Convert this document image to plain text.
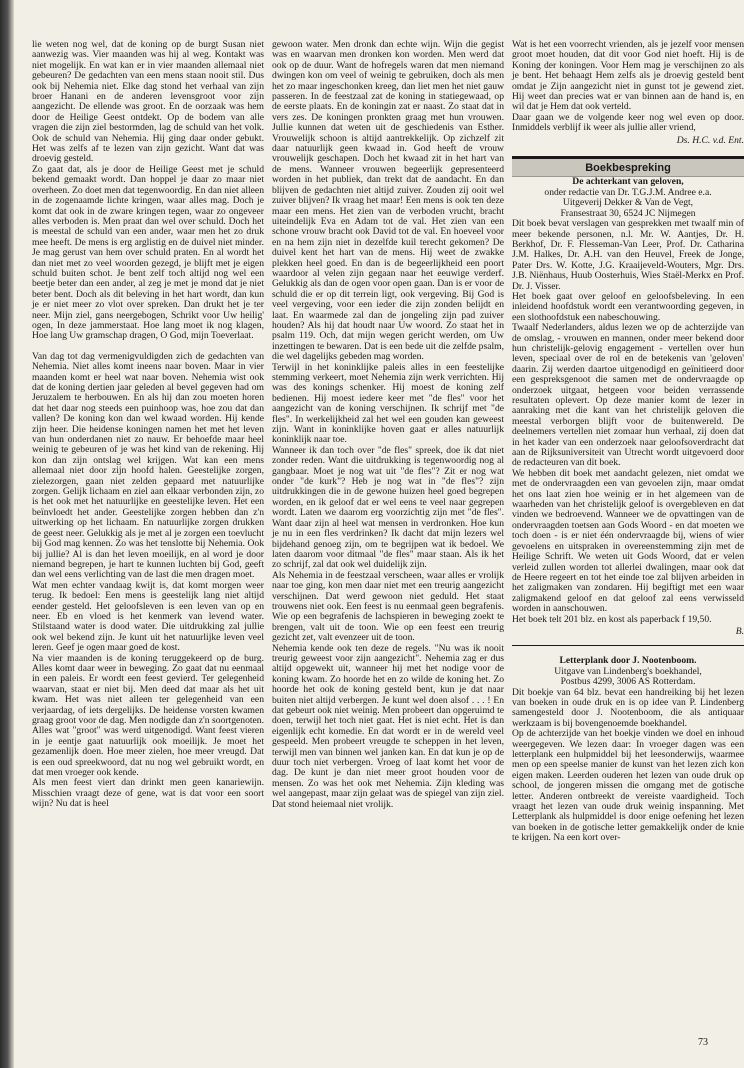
lie weten nog wel, dat de koning op de burgt Susan niet aanwezig was. Vier maanden was hij al weg. Kontakt was niet mogelijk. En wat kan er in vier maanden allemaal niet gebeuren? De gedachten van een mens staan nooit stil. Dus ook bij Nehemia niet. Elke dag stond het verhaal van zijn broer Hanani en de anderen levensgroot voor zijn aangezicht. De ellende was groot. En de oorzaak was hem door de Heilige Geest ontdekt. Op de bodem van alle vragen die zijn ziel bestormden, lag de schuld van het volk. Ook de schuld van Nehemia. Hij ging daar onder gebukt. Het was zelfs af te lezen van zijn gezicht. Want dat was droevig gesteld.

Zo gaat dat, als je door de Heilige Geest met je schuld bekend gemaakt wordt. Dan hoppel je daar zo maar niet overheen. Zo doet men dat tegenwoordig. En dan niet alleen in de zogenaamde lichte kringen, waar alles mag. Doch je komt dat ook in de zware kringen tegen, waar zo ongeveer alles verboden is. Men praat dan wel over schuld. Doch het is meestal de schuld van een ander, waar men het zo druk mee heeft. De mens is erg arglistig en de duivel niet minder. Je mag gerust van hem over schuld praten. En al wordt het dan niet met zo veel woorden gezegd, je blijft met je eigen schuld buiten schot. Je bent zelf toch altijd nog wel een beetje beter dan een ander, al zeg je met je mond dat je niet beter bent. Doch als dit beleving in het hart wordt, dan kun je er niet meer zo vlot over spreken. Dan drukt het je ter neer. Mijn ziel, gans neergebogen, Schrikt voor Uw heilig' ogen, In deze jammerstaat. Hoe lang moet ik nog klagen, Hoe lang Uw gramschap dragen, O God, mijn Toeverlaat.

Van dag tot dag vermenigvuldigden zich de gedachten van Nehemia. Niet alles komt ineens naar boven. Maar in vier maanden komt er heel wat naar boven. Nehemia wist ook dat de koning dertien jaar geleden al bevel gegeven had om Jeruzalem te herbouwen. En als hij dan zou moeten horen dat het daar nog steeds een puinhoop was, hoe zou dat dan vallen? De koning kon dan wel kwaad worden. Hij kende zijn heer. Die heidense koningen namen het met het leven van hun onderdanen niet zo nauw. Er behoefde maar heel weinig te gebeuren of je was het kind van de rekening. Hij kon dan zijn ontslag wel krijgen. Wat kan een mens allemaal niet door zijn hoofd halen. Geestelijke zorgen, zielezorgen, gaan niet zelden gepaard met natuurlijke zorgen. Gelijk lichaam en ziel aan elkaar verbonden zijn, zo is het ook met het natuurlijke en geestelijke leven. Het een beïnvloedt het ander. Geestelijke zorgen hebben dan z'n uitwerking op het lichaam. En natuurlijke zorgen drukken de geest neer. Gelukkig als je met al je zorgen een toevlucht bij God mag kennen. Zo was het tenslotte bij Nehemia. Ook bij jullie? Al is dan het leven moeilijk, en al word je door niemand begrepen, je hart te kunnen luchten bij God, geeft dan wel eens verlichting van de last die men dragen moet.

Wat men echter vandaag kwijt is, dat komt morgen weer terug. Ik bedoel: Een mens is geestelijk lang niet altijd eender gesteld. Het geloofsleven is een leven van op en neer. Eb en vloed is het kenmerk van levend water. Stilstaand water is dood water. Die uitdrukking zal jullie ook wel bekend zijn. Je kunt uit het natuurlijke leven veel leren. Geef je ogen maar goed de kost.

Na vier maanden is de koning teruggekeerd op de burg. Alles komt daar weer in beweging. Zo gaat dat nu eenmaal in een paleis. Er wordt een feest gevierd. Ter gelegenheid waarvan, staat er niet bij. Men deed dat maar als het uit kwam. Het was niet alleen ter gelegenheid van een verjaardag, of iets dergelijks. De heidense vorsten kwamen graag groot voor de dag. Men nodigde dan z'n soortgenoten. Alles wat "groot" was werd uitgenodigd. Want feest vieren in je eentje gaat natuurlijk ook moeilijk. Je moet het gezamenlijk doen. Hoe meer zielen, hoe meer vreugd. Dat is een oud spreekwoord, dat nu nog wel gebruikt wordt, en dat men vroeger ook kende.

Als men feest viert dan drinkt men geen kanariewijn. Misschien vraagt deze of gene, wat is dat voor een soort wijn? Nu dat is heel

gewoon water. Men dronk dan echte wijn. Wijn die gegist was en waarvan men dronken kon worden. Men werd dat ook op de duur. Want de hofregels waren dat men niemand dwingen kon om veel of weinig te gebruiken, doch als men het zo maar ingeschonken kreeg, dan liet men het niet gauw passeren. In de feestzaal zat de koning in statiegewaad, op de eerste plaats. En de koningin zat er naast. Zo staat dat in vers zes. De koningen pronkten graag met hun vrouwen. Jullie kunnen dat weten uit de geschiedenis van Esther. Vrouwelijk schoon is altijd aantrekkelijk. Op zichzelf zit daar natuurlijk geen kwaad in. God heeft de vrouw vrouwelijk geschapen. Doch het kwaad zit in het hart van de mens. Wanneer vrouwen begeerlijk gepresenteerd worden in het publiek, dan trekt dat de aandacht. En dan blijven de gedachten niet altijd zuiver. Zouden zij ooit wel zuiver blijven? Ik vraag het maar! Een mens is ook ten deze maar een mens. Het zien van de verboden vrucht, bracht uiteindelijk Eva en Adam tot de val. Het zien van een schone vrouw bracht ook David tot de val. En hoeveel voor en na hem zijn niet in dezelfde kuil terecht gekomen? De duivel kent het hart van de mens. Hij weet de zwakke plekken heel goed. En dan is de begeerlijkheid een poort waardoor al velen zijn gegaan naar het eeuwige verderf. Gelukkig als dan de ogen voor open gaan. Dan is er voor de schuld die er op dit terrein ligt, ook vergeving. Bij God is veel vergeving, voor een ieder die zijn zonden belijdt en laat. En waarmede zal dan de jongeling zijn pad zuiver houden? Als hij dat houdt naar Uw woord. Zo staat het in psalm 119. Och, dat mijn wegen gericht werden, om Uw inzettingen te bewaren. Dat is een bede uit die zelfde psalm, die wel dagelijks gebeden mag worden.

Terwijl in het koninklijke paleis alles in een feestelijke stemming verkeert, moet Nehemia zijn werk verrichten. Hij was des konings schenker. Hij moest de koning zelf bedienen. Hij moest iedere keer met "de fles" voor het aangezicht van de koning verschijnen. Ik schrijf met "de fles". In werkelijkheid zal het wel een gouden kan geweest zijn. Want in koninklijke hoven gaat er alles natuurlijk koninklijk naar toe.

Wanneer ik dan toch over "de fles" spreek, doe ik dat niet zonder reden. Want die uitdrukking is tegenwoordig nog al gangbaar. Moet je nog wat uit "de fles"? Zit er nog wat onder "de kurk"? Heb je nog wat in "de fles"? zijn uitdrukkingen die in de gewone huizen heel goed begrepen worden, en ik geloof dat er wel eens te veel naar gegrepen wordt. Laten we daarom erg voorzichtig zijn met "de fles". Want daar zijn al heel wat mensen in verdronken. Hoe kun je nu in een fles verdrinken? Ik dacht dat mijn lezers wel bijdehand genoeg zijn, om te begrijpen wat ik bedoel. We laten daarom voor ditmaal "de fles" maar staan. Als ik het zo schrijf, zal dat ook wel duidelijk zijn.

Als Nehemia in de feestzaal verscheen, waar alles er vrolijk naar toe ging, kon men daar niet met een treurig aangezicht verschijnen. Dat werd gewoon niet geduld. Het staat trouwens niet ook. Een feest is nu eenmaal geen begrafenis. Wie op een begrafenis de lachspieren in beweging zoekt te brengen, valt uit de toon. Wie op een feest een treurig gezicht zet, valt evenzeer uit de toon.

Nehemia kende ook ten deze de regels. "Nu was ik nooit treurig geweest voor zijn aangezicht". Nehemia zag er dus altijd opgewekt uit, wanneer hij met het nodige voor de koning kwam. Zo hoorde het en zo wilde de koning het. Zo hoorde het ook de koning gesteld bent, kun je dat naar buiten niet altijd verbergen. Je kunt wel doen alsof . . . ! En dat gebeurt ook niet weinig. Men probeert dan opgeruimd te doen, terwijl het toch niet gaat. Het is niet echt. Het is dan eigenlijk echt komedie. En dat wordt er in de wereld veel gespeeld. Men probeert vreugde te scheppen in het leven, terwijl men van binnen wel janken kan. En dat kun je op de duur toch niet verbergen. Vroeg of laat komt het voor de dag. De kunt je dan niet meer groot houden voor de mensen. Zo was het ook met Nehemia. Zijn kleding was wel aangepast, maar zijn gelaat was de spiegel van zijn ziel. Dat stond heiemaal niet vrolijk.

Wat is het een voorrecht vrienden, als je jezelf voor mensen groot moet houden, dat dit voor God niet hoeft. Hij is de Koning der koningen. Voor Hem mag je verschijnen zo als je bent. Het behaagt Hem zelfs als je droevig gesteld bent omdat je Zijn aangezicht niet in gunst tot je gewend ziet. Hij weet dan precies wat er van binnen aan de hand is, en wil dat je Hem dat ook verteld.

Daar gaan we de volgende keer nog wel even op door. Inmiddels verblijf ik weer als jullie aller vriend,

Ds. H.C. v.d. Ent.

Boekbespreking

De achterkant van geloven,

onder redactie van Dr. T.G.J.M. Andree e.a.

Uitgeverij Dekker & Van de Vegt,

Fransestraat 30, 6524 JC Nijmegen

Dit boek bevat verslagen van gesprekken met twaalf min of meer bekende personen, n.l. Mr. W. Aantjes, Dr. H. Berkhof, Dr. F. Flesseman-Van Leer, Prof. Dr. Catharina J.M. Halkes, Dr. A.H. van den Heuvel, Freek de Jonge, Pater Drs. W. Kotte, J.G. Kraaijeveld-Wouters, Mgr. Drs. J.B. Niënhaus, Huub Oosterhuis, Wies Staël-Merkx en Prof. Dr. J. Visser.

Het boek gaat over geloof en geloofsbeleving. In een inleidend hoofdstuk wordt een verantwoording gegeven, in een slothoofdstuk een nabeschouwing.

Twaalf Nederlanders, aldus lezen we op de achterzijde van de omslag, - vrouwen en mannen, onder meer bekend door hun christelijk-gelovig engagement - vertellen over hun leven, speciaal over de rol en de betekenis van 'geloven' daarin. Zij werden daartoe uitgenodigd en geïnitieerd door een gespreksgenoot die samen met de ondervraagde op onderzoek uitgaat, hetgeen voor beiden verrassende resultaten oplevert. Op deze manier komt de lezer in aanraking met die kant van het christelijk geloven die meestal verborgen blijft voor de buitenwereld. De deelnemers vertellen niet zomaar hun verhaal, zij doen dat in het kader van een onderzoek naar geloofsoverdracht dat aan de Rijksuniversiteit van Utrecht wordt uitgevoerd door de redacteuren van dit boek.

We hebben dit boek met aandacht gelezen, niet omdat we met de ondervraagden een van gevoelen zijn, maar omdat het ons laat zien hoe weinig er in het algemeen van de waarheden van het christelijk geloof is overgebleven en dat vinden we bedroevend. Wanneer we de opvattingen van de ondervraagden toetsen aan Gods Woord - en dat moeten we toch doen - is er niet één ondervraagde bij, wiens of wier gevoelens en uitspraken in overeenstemming zijn met de Heilige Schrift. We weten uit Gods Woord, dat er velen verleid zullen worden tot allerlei dwalingen, maar ook dat de Heere regeert en tot het einde toe zal blijven arbeiden in het zaligmaken van zondaren. Hij begiftigt met een waar zaligmakend geloof en dat geloof zal eens verwisseld worden in aanschouwen.

Het boek telt 201 blz. en kost als paperback f 19,50.

B.

Letterplank door J. Nootenboom.

Uitgave van Lindenberg's boekhandel,

Postbus 4299, 3006 AS Rotterdam.

Dit boekje van 64 blz. bevat een handreiking bij het lezen van boeken in oude druk en is op idee van P. Lindenberg samengesteld door J. Nootenboom, die als antiquaar werkzaam is bij bovengenoemde boekhandel.

Op de achterzijde van het boekje vinden we doel en inhoud weergegeven. We lezen daar: In vroeger dagen was een letterplank een hulpmiddel bij het leesonderwijs, waarmee men op een speelse manier de kunst van het lezen zich kon eigen maken. Leerden ouderen het lezen van oude druk op school, de jongeren missen die omgang met de gotische letter. Anderen ontbreekt de vereiste vaardigheid. Toch vraagt het lezen van oude druk weinig inspanning. Met Letterplank als hulpmiddel is door enige oefening het lezen van boeken in de gotische letter gemakkelijk onder de knie te krijgen. Na een kort over-

73
